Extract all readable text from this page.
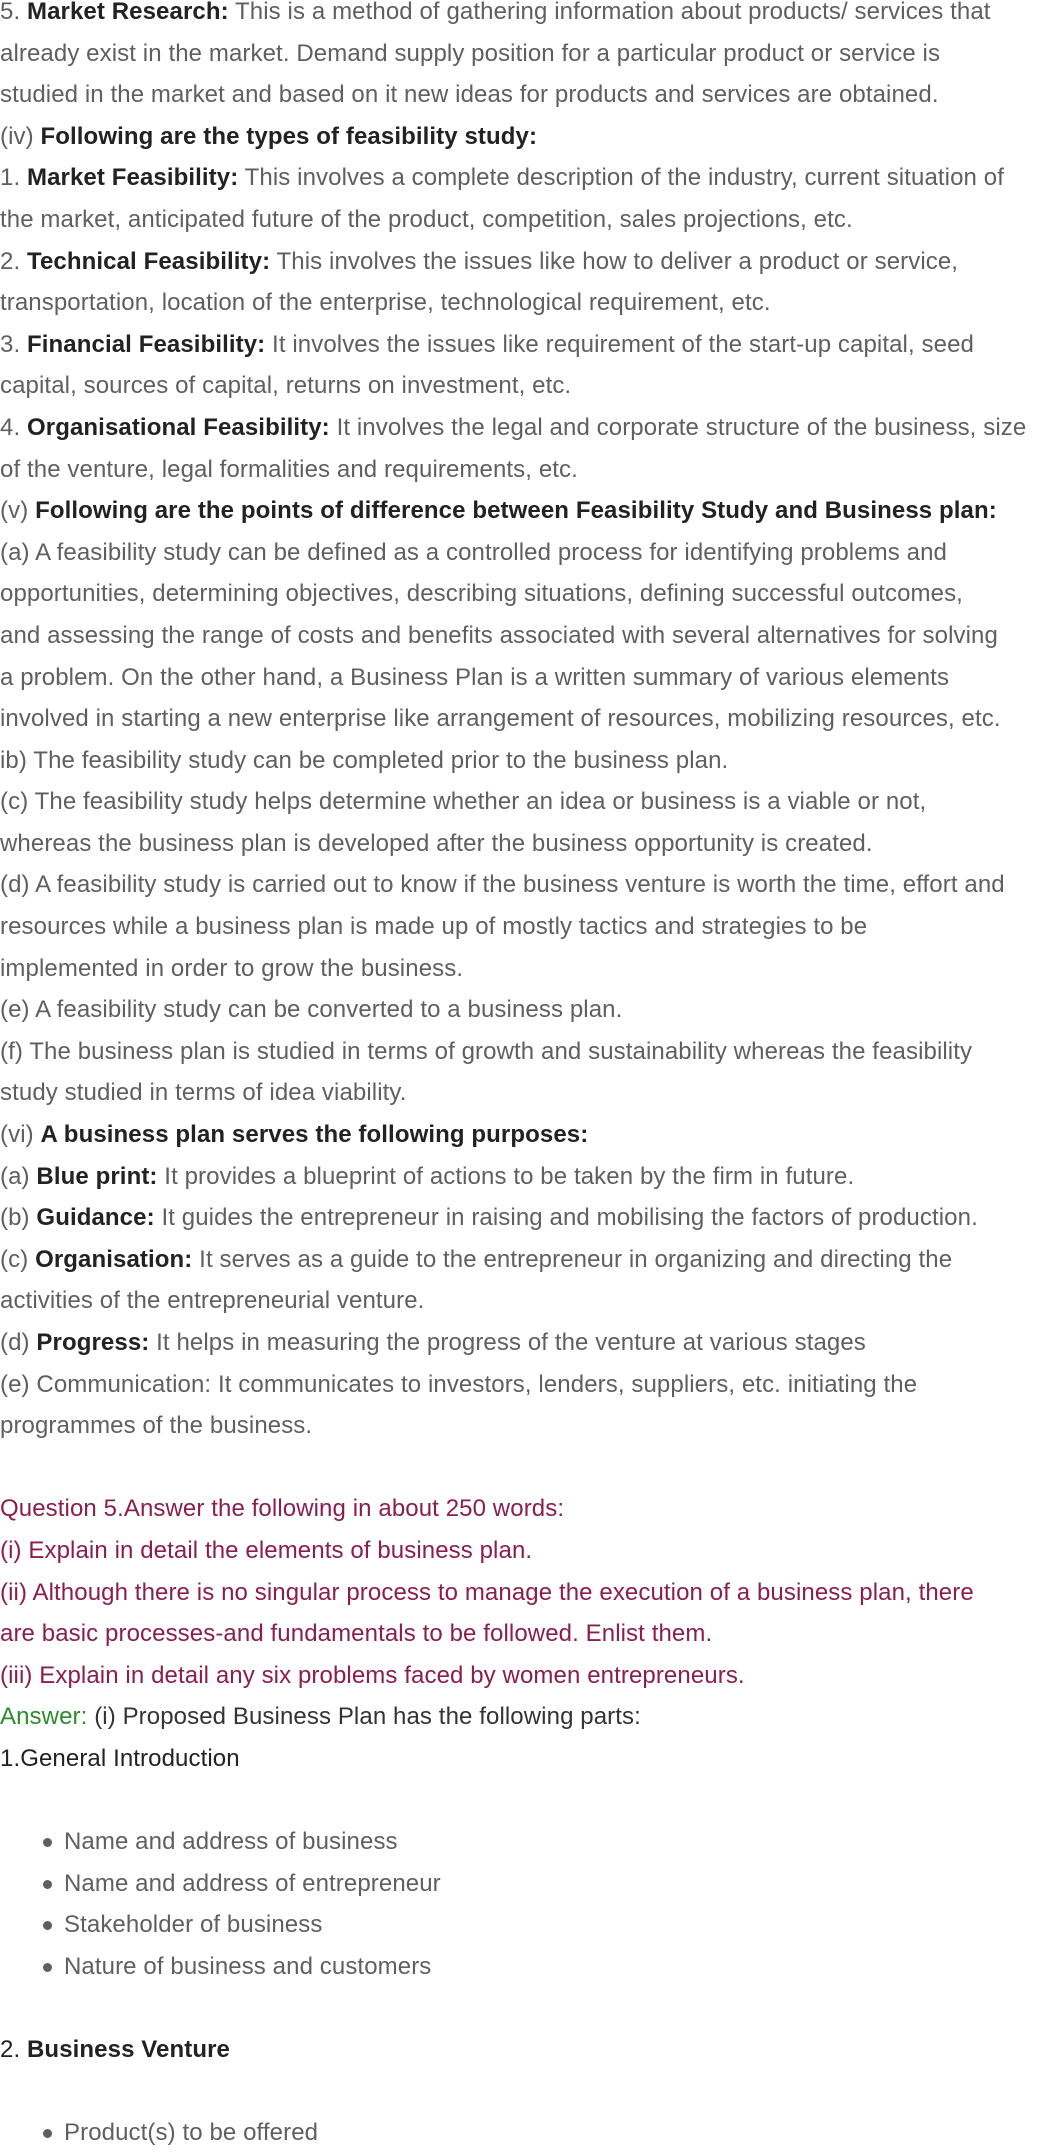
5. Market Research: This is a method of gathering information about products/ services that
already exist in the market. Demand supply position for a particular product or service is
studied in the market and based on it new ideas for products and services are obtained.
(iv) Following are the types of feasibility study:
1. Market Feasibility: This involves a complete description of the industry, current situation of
the market, anticipated future of the product, competition, sales projections, etc.
2. Technical Feasibility: This involves the issues like how to deliver a product or service,
transportation, location of the enterprise, technological requirement, etc.
3. Financial Feasibility: It involves the issues like requirement of the start-up capital, seed
capital, sources of capital, returns on investment, etc.
4. Organisational Feasibility: It involves the legal and corporate structure of the business, size
of the venture, legal formalities and requirements, etc.
(v) Following are the points of difference between Feasibility Study and Business plan:
(a) A feasibility study can be defined as a controlled process for identifying problems and
opportunities, determining objectives, describing situations, defining successful outcomes,
and assessing the range of costs and benefits associated with several alternatives for solving
a problem. On the other hand, a Business Plan is a written summary of various elements
involved in starting a new enterprise like arrangement of resources, mobilizing resources, etc.
ib) The feasibility study can be completed prior to the business plan.
(c) The feasibility study helps determine whether an idea or business is a viable or not,
whereas the business plan is developed after the business opportunity is created.
(d) A feasibility study is carried out to know if the business venture is worth the time, effort and
resources while a business plan is made up of mostly tactics and strategies to be
implemented in order to grow the business.
(e) A feasibility study can be converted to a business plan.
(f) The business plan is studied in terms of growth and sustainability whereas the feasibility
study studied in terms of idea viability.
(vi) A business plan serves the following purposes:
(a) Blue print: It provides a blueprint of actions to be taken by the firm in future.
(b) Guidance: It guides the entrepreneur in raising and mobilising the factors of production.
(c) Organisation: It serves as a guide to the entrepreneur in organizing and directing the
activities of the entrepreneurial venture.
(d) Progress: It helps in measuring the progress of the venture at various stages
(e) Communication: It communicates to investors, lenders, suppliers, etc. initiating the
programmes of the business.
Question 5.Answer the following in about 250 words:
(i) Explain in detail the elements of business plan.
(ii) Although there is no singular process to manage the execution of a business plan, there
are basic processes-and fundamentals to be followed. Enlist them.
(iii) Explain in detail any six problems faced by women entrepreneurs.
Answer: (i) Proposed Business Plan has the following parts:
1.General Introduction
Name and address of business
Name and address of entrepreneur
Stakeholder of business
Nature of business and customers
2. Business Venture
Product(s) to be offered
